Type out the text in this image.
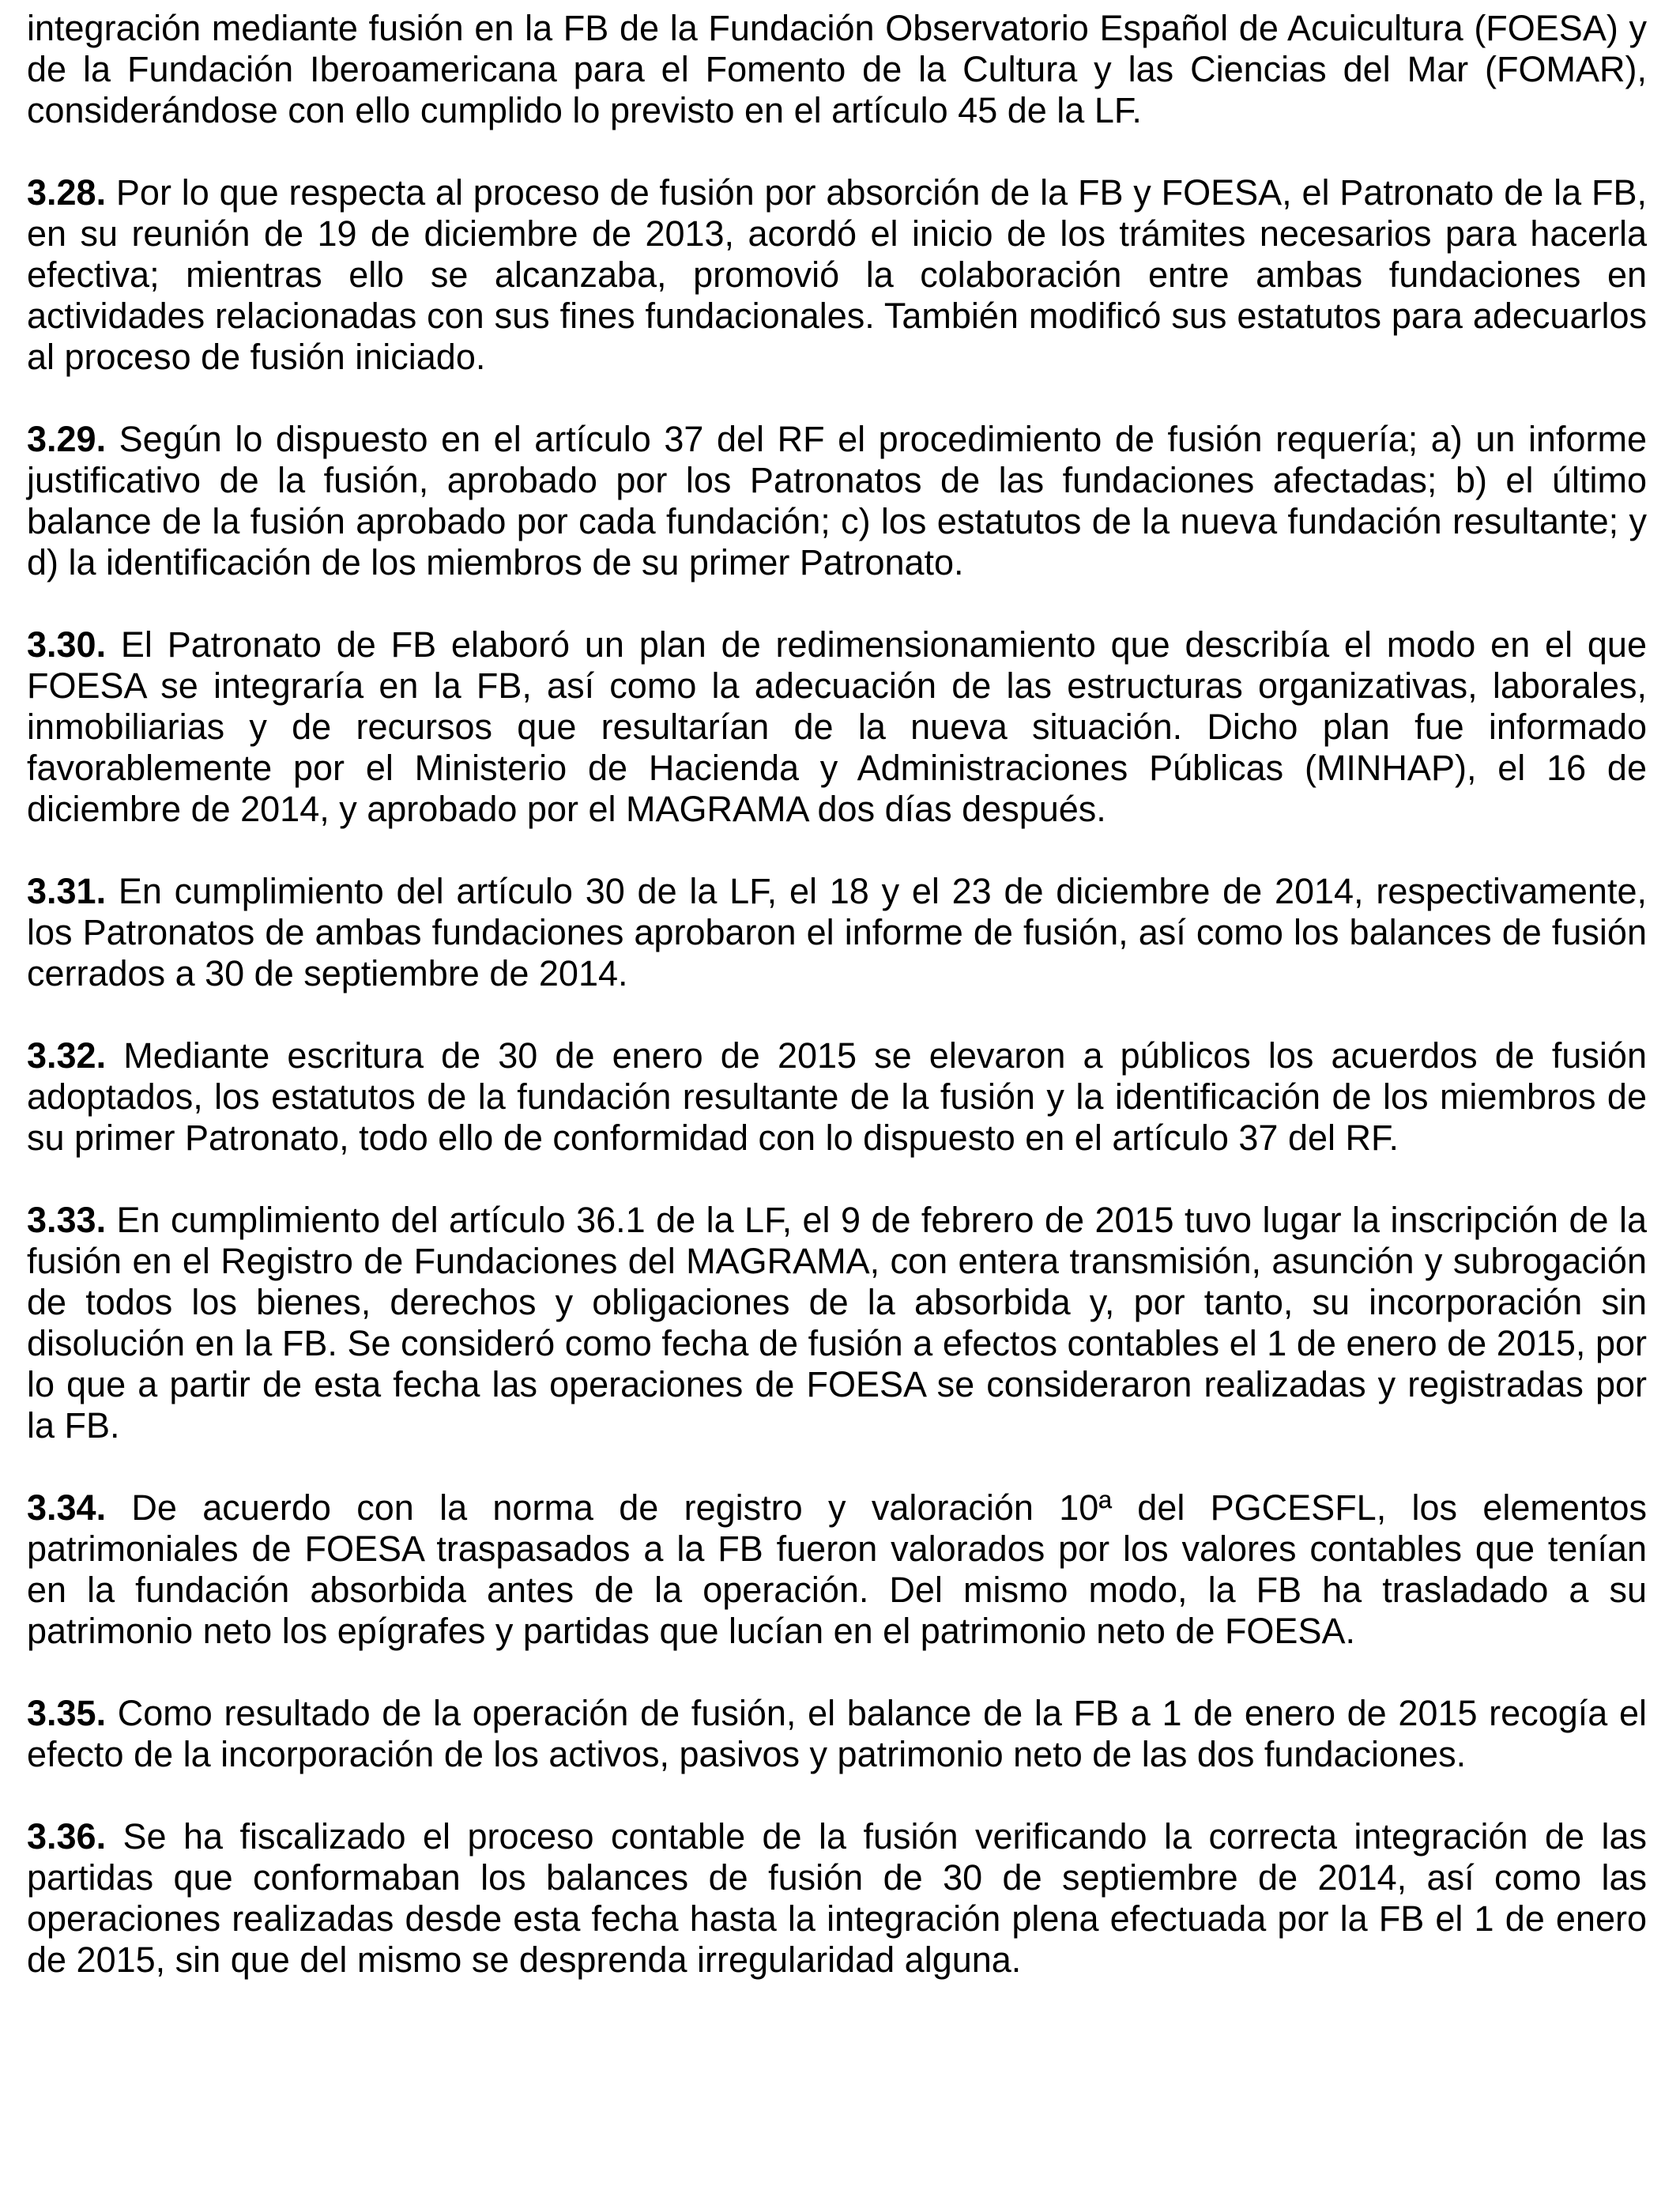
integración mediante fusión en la FB de la Fundación Observatorio Español de Acuicultura (FOESA) y de la Fundación Iberoamericana para el Fomento de la Cultura y las Ciencias del Mar (FOMAR), considerándose con ello cumplido lo previsto en el artículo 45 de la LF.

3.28. Por lo que respecta al proceso de fusión por absorción de la FB y FOESA, el Patronato de la FB, en su reunión de 19 de diciembre de 2013, acordó el inicio de los trámites necesarios para hacerla efectiva; mientras ello se alcanzaba, promovió la colaboración entre ambas fundaciones en actividades relacionadas con sus fines fundacionales. También modificó sus estatutos para adecuarlos al proceso de fusión iniciado.

3.29. Según lo dispuesto en el artículo 37 del RF el procedimiento de fusión requería; a) un informe justificativo de la fusión, aprobado por los Patronatos de las fundaciones afectadas; b) el último balance de la fusión aprobado por cada fundación; c) los estatutos de la nueva fundación resultante; y d) la identificación de los miembros de su primer Patronato.

3.30. El Patronato de FB elaboró un plan de redimensionamiento que describía el modo en el que FOESA se integraría en la FB, así como la adecuación de las estructuras organizativas, laborales, inmobiliarias y de recursos que resultarían de la nueva situación. Dicho plan fue informado favorablemente por el Ministerio de Hacienda y Administraciones Públicas (MINHAP), el 16 de diciembre de 2014, y aprobado por el MAGRAMA dos días después.

3.31. En cumplimiento del artículo 30 de la LF, el 18 y el 23 de diciembre de 2014, respectivamente, los Patronatos de ambas fundaciones aprobaron el informe de fusión, así como los balances de fusión cerrados a 30 de septiembre de 2014.

3.32. Mediante escritura de 30 de enero de 2015 se elevaron a públicos los acuerdos de fusión adoptados, los estatutos de la fundación resultante de la fusión y la identificación de los miembros de su primer Patronato, todo ello de conformidad con lo dispuesto en el artículo 37 del RF.

3.33. En cumplimiento del artículo 36.1 de la LF, el 9 de febrero de 2015 tuvo lugar la inscripción de la fusión en el Registro de Fundaciones del MAGRAMA, con entera transmisión, asunción y subrogación de todos los bienes, derechos y obligaciones de la absorbida y, por tanto, su incorporación sin disolución en la FB. Se consideró como fecha de fusión a efectos contables el 1 de enero de 2015, por lo que a partir de esta fecha las operaciones de FOESA se consideraron realizadas y registradas por la FB.

3.34. De acuerdo con la norma de registro y valoración 10ª del PGCESFL, los elementos patrimoniales de FOESA traspasados a la FB fueron valorados por los valores contables que tenían en la fundación absorbida antes de la operación. Del mismo modo, la FB ha trasladado a su patrimonio neto los epígrafes y partidas que lucían en el patrimonio neto de FOESA.

3.35. Como resultado de la operación de fusión, el balance de la FB a 1 de enero de 2015 recogía el efecto de la incorporación de los activos, pasivos y patrimonio neto de las dos fundaciones.

3.36. Se ha fiscalizado el proceso contable de la fusión verificando la correcta integración de las partidas que conformaban los balances de fusión de 30 de septiembre de 2014, así como las operaciones realizadas desde esta fecha hasta la integración plena efectuada por la FB el 1 de enero de 2015, sin que del mismo se desprenda irregularidad alguna.
